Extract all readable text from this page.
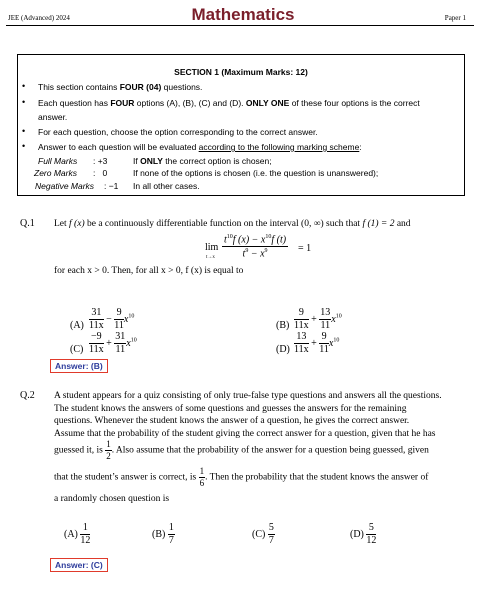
JEE (Advanced) 2024	Mathematics	Paper 1
SECTION 1 (Maximum Marks: 12)
• This section contains FOUR (04) questions.
• Each question has FOUR options (A), (B), (C) and (D). ONLY ONE of these four options is the correct
answer.
• For each question, choose the option corresponding to the correct answer.
• Answer to each question will be evaluated according to the following marking scheme:
Full Marks : +3	If ONLY the correct option is chosen;
Zero Marks :   0	If none of the options is chosen (i.e. the question is unanswered);
Negative Marks : −1 In all other cases.
Q.1 Let f (x) be a continuously differentiable function on the interval (0, ∞) such that f (1) = 2 and
lim
t→x
$t^{10}f$ $(x) - x^{10}f$ (t)
$t^9 - x^9$	= 1
for each x > 0. Then, for all x > 0, f (x) is equal to
$(A) \frac{31}{11x} - \frac{9}{11} x^{10}$
$(B) \frac{9}{11x} + \frac{13}{11} x^{10}$
$(C) \frac{-9}{11x} + \frac{31}{11} x^{10}$
$(D) \frac{13}{11x} + \frac{9}{11} x^{10}$
Answer: (B)
Q.2 A student appears for a quiz consisting of only true-false type questions and answers all the questions.
The student knows the answers of some questions and guesses the answers for the remaining
questions. Whenever the student knows the answer of a question, he gives the correct answer.
Assume that the probability of the student giving the correct answer for a question, given that he has
guessed it, is $\frac{1}{2}$ . Also assume that the probability of the answer for a question being guessed, given
that the student’s answer is correct, is $\frac{1}{6}$ . Then the probability that the student knows the answer of
a randomly chosen question is
$(A) \frac{1}{12}$	$(B) \frac{1}{7}$	$(C) \frac{5}{7}$	$(D) \frac{5}{12}$
Answer: (C)
